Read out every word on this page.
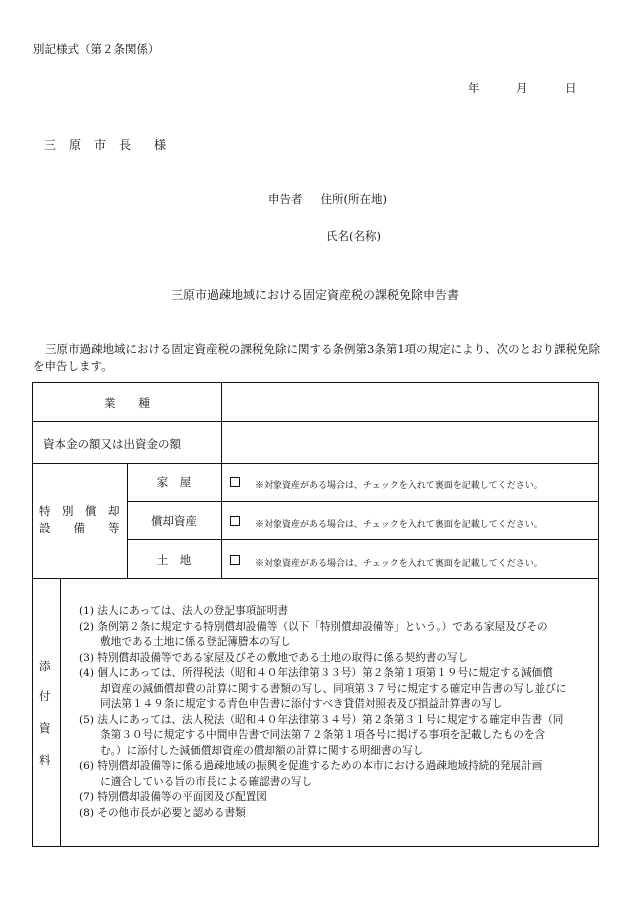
別記様式（第２条関係）
年	月	日
三原市長 様
申告者 住所(所在地)
氏名(名称)
三原市過疎地域における固定資産税の課税免除申告書
三原市過疎地域における固定資産税の課税免除に関する条例第3条第1項の規定により、次のとおり課税免除を申告します。
業　　種
資本金の額又は出資金の額
特　別　償　却
設　　備　　等
家　屋	※対象資産がある場合は、チェックを入れて裏面を記載してください。
償却資産	※対象資産がある場合は、チェックを入れて裏面を記載してください。
土　地	※対象資産がある場合は、チェックを入れて裏面を記載してください。
添
付
資
料
(1) 法人にあっては、法人の登記事項証明書
(2) 条例第２条に規定する特別償却設備等（以下「特別償却設備等」という。）である家屋及びその
　　敷地である土地に係る登記簿謄本の写し
(3) 特別償却設備等である家屋及びその敷地である土地の取得に係る契約書の写し
(4) 個人にあっては、所得税法（昭和４０年法律第３３号）第２条第１項第１９号に規定する減価償
　　却資産の減価償却費の計算に関する書類の写し、同項第３７号に規定する確定申告書の写し並びに
　　同法第１４９条に規定する青色申告書に添付すべき貸借対照表及び損益計算書の写し
(5) 法人にあっては、法人税法（昭和４０年法律第３４号）第２条第３１号に規定する確定申告書（同
　　条第３０号に規定する中間申告書で同法第７２条第１項各号に掲げる事項を記載したものを含
　　む。）に添付した減価償却資産の償却額の計算に関する明細書の写し
(6) 特別償却設備等に係る過疎地域の振興を促進するための本市における過疎地域持続的発展計画
　　に適合している旨の市長による確認書の写し
(7) 特別償却設備等の平面図及び配置図
(8) その他市長が必要と認める書類
